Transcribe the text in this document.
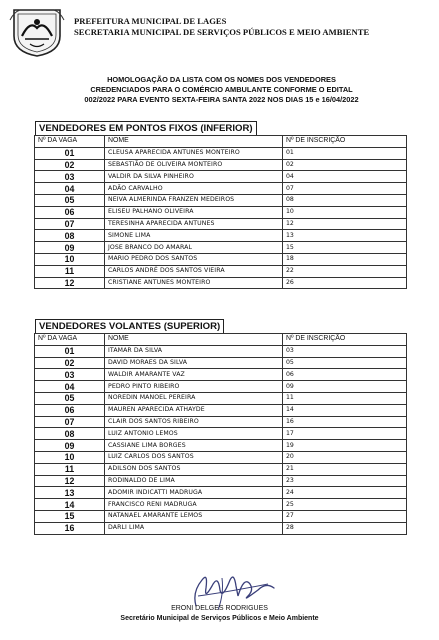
PREFEITURA MUNICIPAL DE LAGES
SECRETARIA MUNICIPAL DE SERVIÇOS PÚBLICOS E MEIO AMBIENTE
HOMOLOGAÇÃO DA LISTA COM OS NOMES DOS VENDEDORES
CREDENCIADOS PARA O COMÉRCIO AMBULANTE CONFORME O EDITAL
002/2022 PARA EVENTO SEXTA-FEIRA SANTA 2022 NOS DIAS 15 e 16/04/2022
VENDEDORES EM PONTOS FIXOS (INFERIOR)
Nº DA VAGA	NOME	Nº DE INSCRIÇÃO
01	CLEUSA APARECIDA ANTUNES MONTEIRO	01
02	SEBASTIÃO DE OLIVEIRA MONTEIRO	02
03	VALDIR DA SILVA PINHEIRO	04
04	ADÃO CARVALHO	07
05	NEIVA ALMERINDA FRANZEN MEDEIROS	08
06	ELISEU PALHANO OLIVEIRA	10
07	TERESINHA APARECIDA ANTUNES	12
08	SIMONE LIMA	13
09	JOSE BRANCO DO AMARAL	15
10	MARIO PEDRO DOS SANTOS	18
11	CARLOS ANDRÉ DOS SANTOS VIEIRA	22
12	CRISTIANE ANTUNES MONTEIRO	26
VENDEDORES VOLANTES (SUPERIOR)
Nº DA VAGA	NOME	Nº DE INSCRIÇÃO
01	ITAMAR DA SILVA	03
02	DAVID MORAES DA SILVA	05
03	WALDIR AMARANTE VAZ	06
04	PEDRO PINTO RIBEIRO	09
05	NOREDIN MANOEL PEREIRA	11
06	MAUREN APARECIDA ATHAYDE	14
07	CLAIR DOS SANTOS RIBEIRO	16
08	LUIZ ANTONIO LEMOS	17
09	CASSIANE LIMA BORGES	19
10	LUIZ CARLOS DOS SANTOS	20
11	ADILSON DOS SANTOS	21
12	RODINALDO DE LIMA	23
13	ADOMIR INDICATTI MADRUGA	24
14	FRANCISCO RENI MADRUGA	25
15	NATANAEL AMARANTE LEMOS	27
16	DARLI LIMA	28
ERONI DELGES RODRIGUES
Secretário Municipal de Serviços Públicos e Meio Ambiente
